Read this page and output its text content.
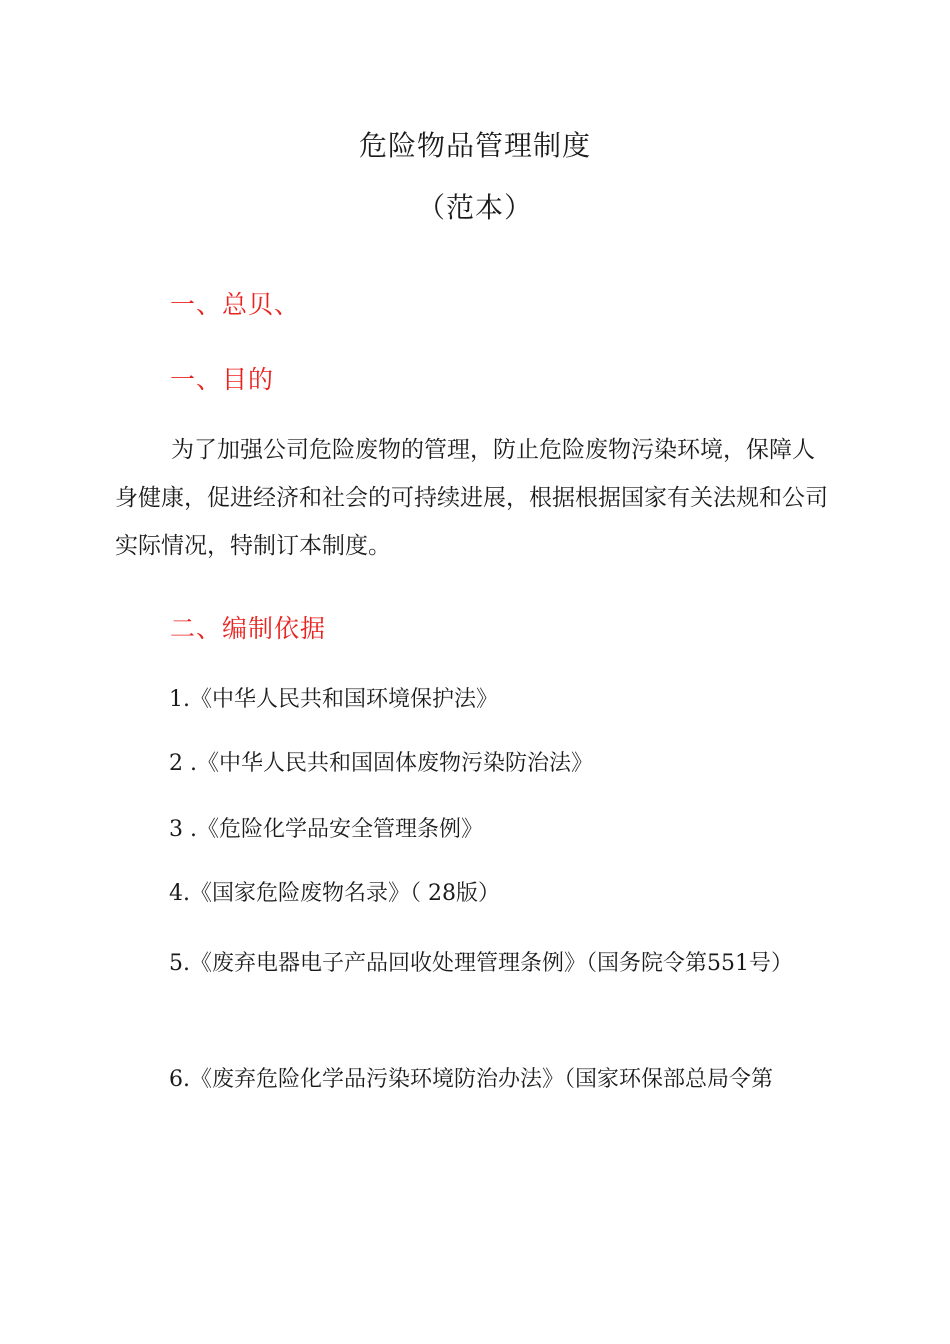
危险物品管理制度
（范本）
一、总贝、
一、目的
为了加强公司危险废物的管理，防止危险废物污染环境，保障人身健康，促进经济和社会的可持续进展，根据根据国家有关法规和公司实际情况，特制订本制度。
二、编制依据
1.《中华人民共和国环境保护法》
2 .《中华人民共和国固体废物污染防治法》
3 .《危险化学品安全管理条例》
4.《国家危险废物名录》（ 28版）
5.《废弃电器电子产品回收处理管理条例》（国务院令第551号）
6.《废弃危险化学品污染环境防治办法》（国家环保部总局令第
